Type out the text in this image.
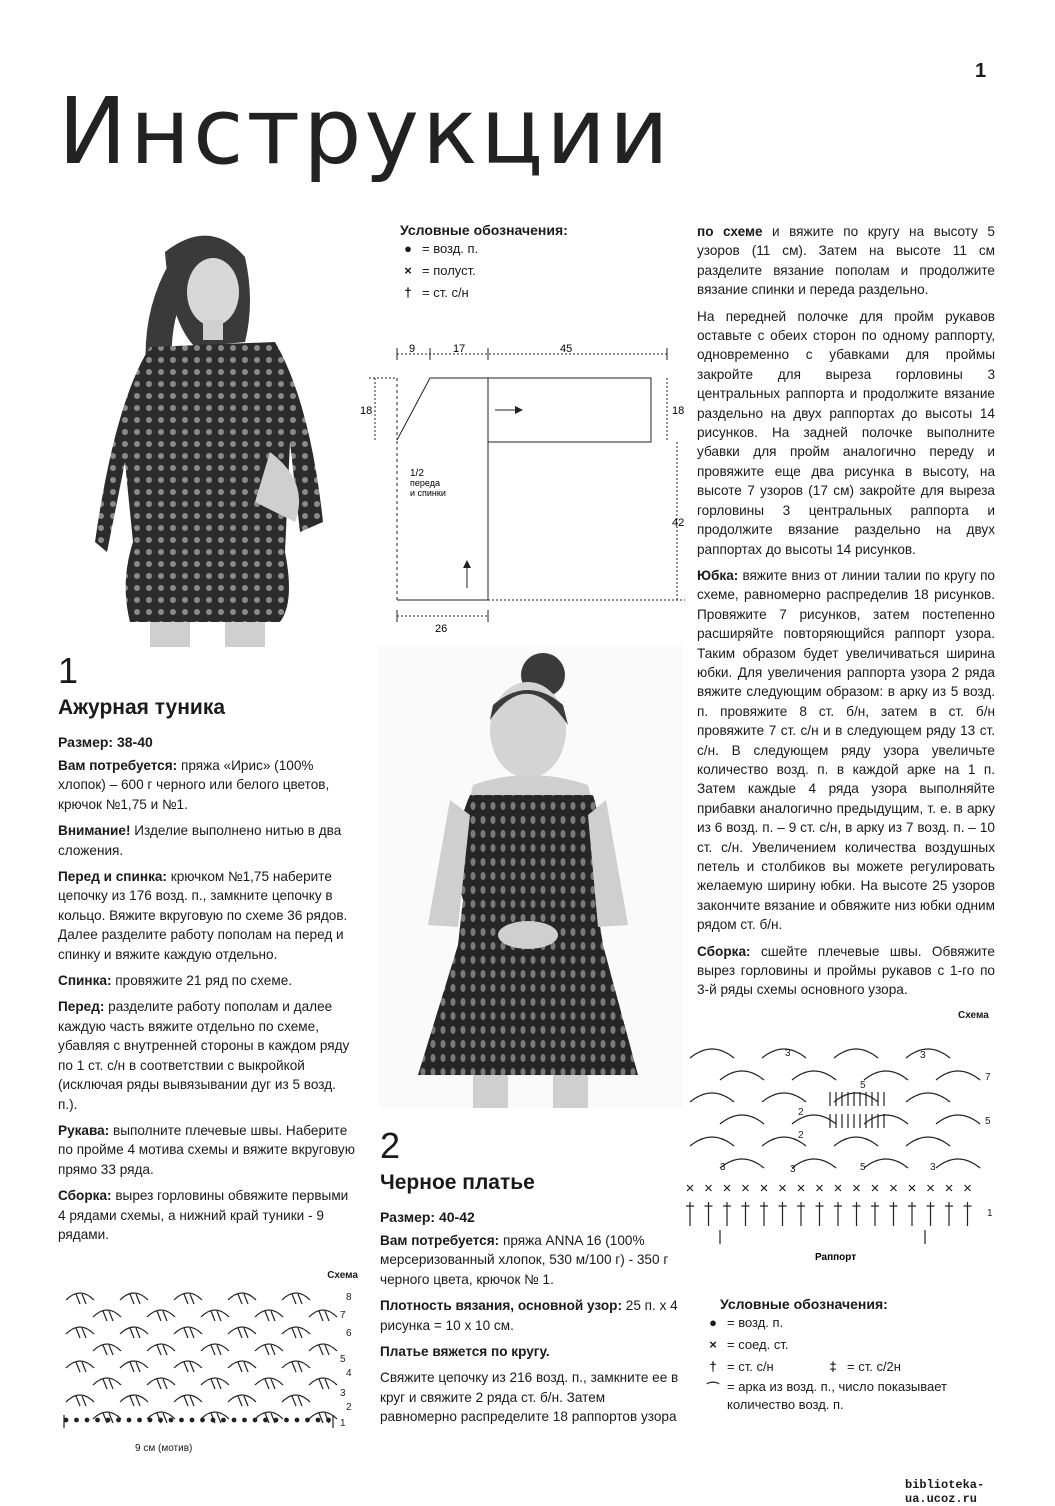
1
Инструкции
Условные обозначения:
● = возд. п.
× = полуст.
† = ст. с/н
9	17	45
18	18
42
26
1/2
переда
и спинки
1
Ажурная туника
Размер: 38-40

Вам потребуется: пряжа «Ирис» (100% хлопок) – 600 г черного или белого цветов, крючок №1,75 и №1.

Внимание! Изделие выполнено нитью в два сложения.

Перед и спинка: крючком №1,75 наберите цепочку из 176 возд. п., замкните цепочку в кольцо. Вяжите вкруговую по схеме 36 рядов. Далее разделите работу пополам на перед и спинку и вяжите каждую отдельно.

Спинка: провяжите 21 ряд по схеме.

Перед: разделите работу пополам и далее каждую часть вяжите отдельно по схеме, убавляя с внутренней стороны в каждом ряду по 1 ст. с/н в соответствии с выкройкой (исключая ряды вывязывании дуг из 5 возд. п.).

Рукава: выполните плечевые швы. Наберите по пройме 4 мотива схемы и вяжите вкруговую прямо 33 ряда.

Сборка: вырез горловины обвяжите первыми 4 рядами схемы, а нижний край туники - 9 рядами.

Схема
8
7
6
5
4
3
2
1
9 см (мотив)
2
Черное платье
Размер: 40-42

Вам потребуется: пряжа ANNA 16 (100% мерсеризованный хлопок, 530 м/100 г) - 350 г черного цвета, крючок № 1.

Плотность вязания, основной узор: 25 п. х 4 рисунка = 10 х 10 см.

Платье вяжется по кругу.

Свяжите цепочку из 216 возд. п., замкните ее в круг и свяжите 2 ряда ст. б/н. Затем равномерно распределите 18 раппортов узора

по схеме и вяжите по кругу на высоту 5 узоров (11 см). Затем на высоте 11 см разделите вязание пополам и продолжите вязание спинки и переда раздельно.

На передней полочке для пройм рукавов оставьте с обеих сторон по одному раппорту, одновременно с убавками для проймы закройте для выреза горловины 3 центральных раппорта и продолжите вязание раздельно на двух раппортах до высоты 14 рисунков. На задней полочке выполните убавки для пройм аналогично переду и провяжите еще два рисунка в высоту, на высоте 7 узоров (17 см) закройте для выреза горловины 3 центральных раппорта и продолжите вязание раздельно на двух раппортах до высоты 14 рисунков.

Юбка: вяжите вниз от линии талии по кругу по схеме, равномерно распределив 18 рисунков. Провяжите 7 рисунков, затем постепенно расширяйте повторяющийся раппорт узора. Таким образом будет увеличиваться ширина юбки. Для увеличения раппорта узора 2 ряда вяжите следующим образом: в арку из 5 возд. п. провяжите 8 ст. б/н, затем в ст. б/н провяжите 7 ст. с/н и в следующем ряду 13 ст. с/н. В следующем ряду узора увеличьте количество возд. п. в каждой арке на 1 п. Затем каждые 4 ряда узора выполняйте прибавки аналогично предыдущим, т. е. в арку из 6 возд. п. – 9 ст. с/н, в арку из 7 возд. п. – 10 ст. с/н. Увеличением количества воздушных петель и столбиков вы можете регулировать желаемую ширину юбки. На высоте 25 узоров закончите вязание и обвяжите низ юбки одним рядом ст. б/н.

Сборка: сшейте плечевые швы. Обвяжите вырез горловины и проймы рукавов с 1-го по 3-й ряды схемы основного узора.

Схема
7
5
1
3
5
3
2
2
3	3	5	3
Раппорт
Условные обозначения:
● = возд. п.
× = соед. ст.
† = ст. с/н	‡ = ст. с/2н
⌒ = арка из возд. п., число показывает количество возд. п.
biblioteka-ua.ucoz.ru
